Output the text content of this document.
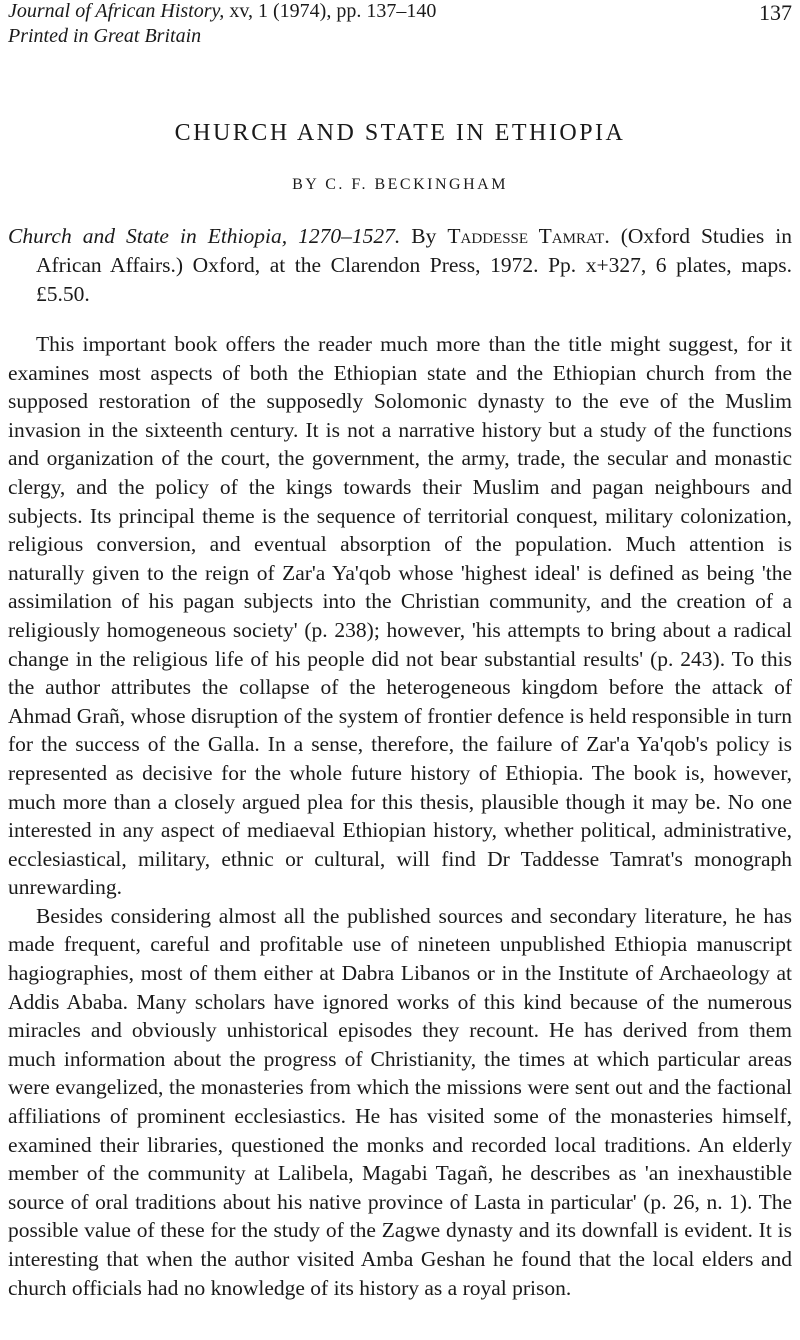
Journal of African History, xv, 1 (1974), pp. 137–140
Printed in Great Britain
137
CHURCH AND STATE IN ETHIOPIA
BY C. F. BECKINGHAM
Church and State in Ethiopia, 1270–1527. By Taddesse Tamrat. (Oxford Studies in African Affairs.) Oxford, at the Clarendon Press, 1972. Pp. x+327, 6 plates, maps. £5.50.

This important book offers the reader much more than the title might suggest, for it examines most aspects of both the Ethiopian state and the Ethiopian church from the supposed restoration of the supposedly Solomonic dynasty to the eve of the Muslim invasion in the sixteenth century. It is not a narrative history but a study of the functions and organization of the court, the government, the army, trade, the secular and monastic clergy, and the policy of the kings towards their Muslim and pagan neighbours and subjects. Its principal theme is the sequence of territorial conquest, military colonization, religious conversion, and eventual absorption of the population. Much attention is naturally given to the reign of Zar'a Ya'qob whose 'highest ideal' is defined as being 'the assimilation of his pagan subjects into the Christian community, and the creation of a religiously homogeneous society' (p. 238); however, 'his attempts to bring about a radical change in the religious life of his people did not bear substantial results' (p. 243). To this the author attributes the collapse of the heterogeneous kingdom before the attack of Ahmad Grañ, whose disruption of the system of frontier defence is held responsible in turn for the success of the Galla. In a sense, therefore, the failure of Zar'a Ya'qob's policy is represented as decisive for the whole future history of Ethiopia. The book is, however, much more than a closely argued plea for this thesis, plausible though it may be. No one interested in any aspect of mediaeval Ethiopian history, whether political, administrative, ecclesiastical, military, ethnic or cultural, will find Dr Taddesse Tamrat's monograph unrewarding.

Besides considering almost all the published sources and secondary literature, he has made frequent, careful and profitable use of nineteen unpublished Ethiopia manuscript hagiographies, most of them either at Dabra Libanos or in the Institute of Archaeology at Addis Ababa. Many scholars have ignored works of this kind because of the numerous miracles and obviously unhistorical episodes they recount. He has derived from them much information about the progress of Christianity, the times at which particular areas were evangelized, the monasteries from which the missions were sent out and the factional affiliations of prominent ecclesiastics. He has visited some of the monasteries himself, examined their libraries, questioned the monks and recorded local traditions. An elderly member of the community at Lalibela, Magabi Tagañ, he describes as 'an inexhaustible source of oral traditions about his native province of Lasta in particular' (p. 26, n. 1). The possible value of these for the study of the Zagwe dynasty and its downfall is evident. It is interesting that when the author visited Amba Geshan he found that the local elders and church officials had no knowledge of its history as a royal prison.
